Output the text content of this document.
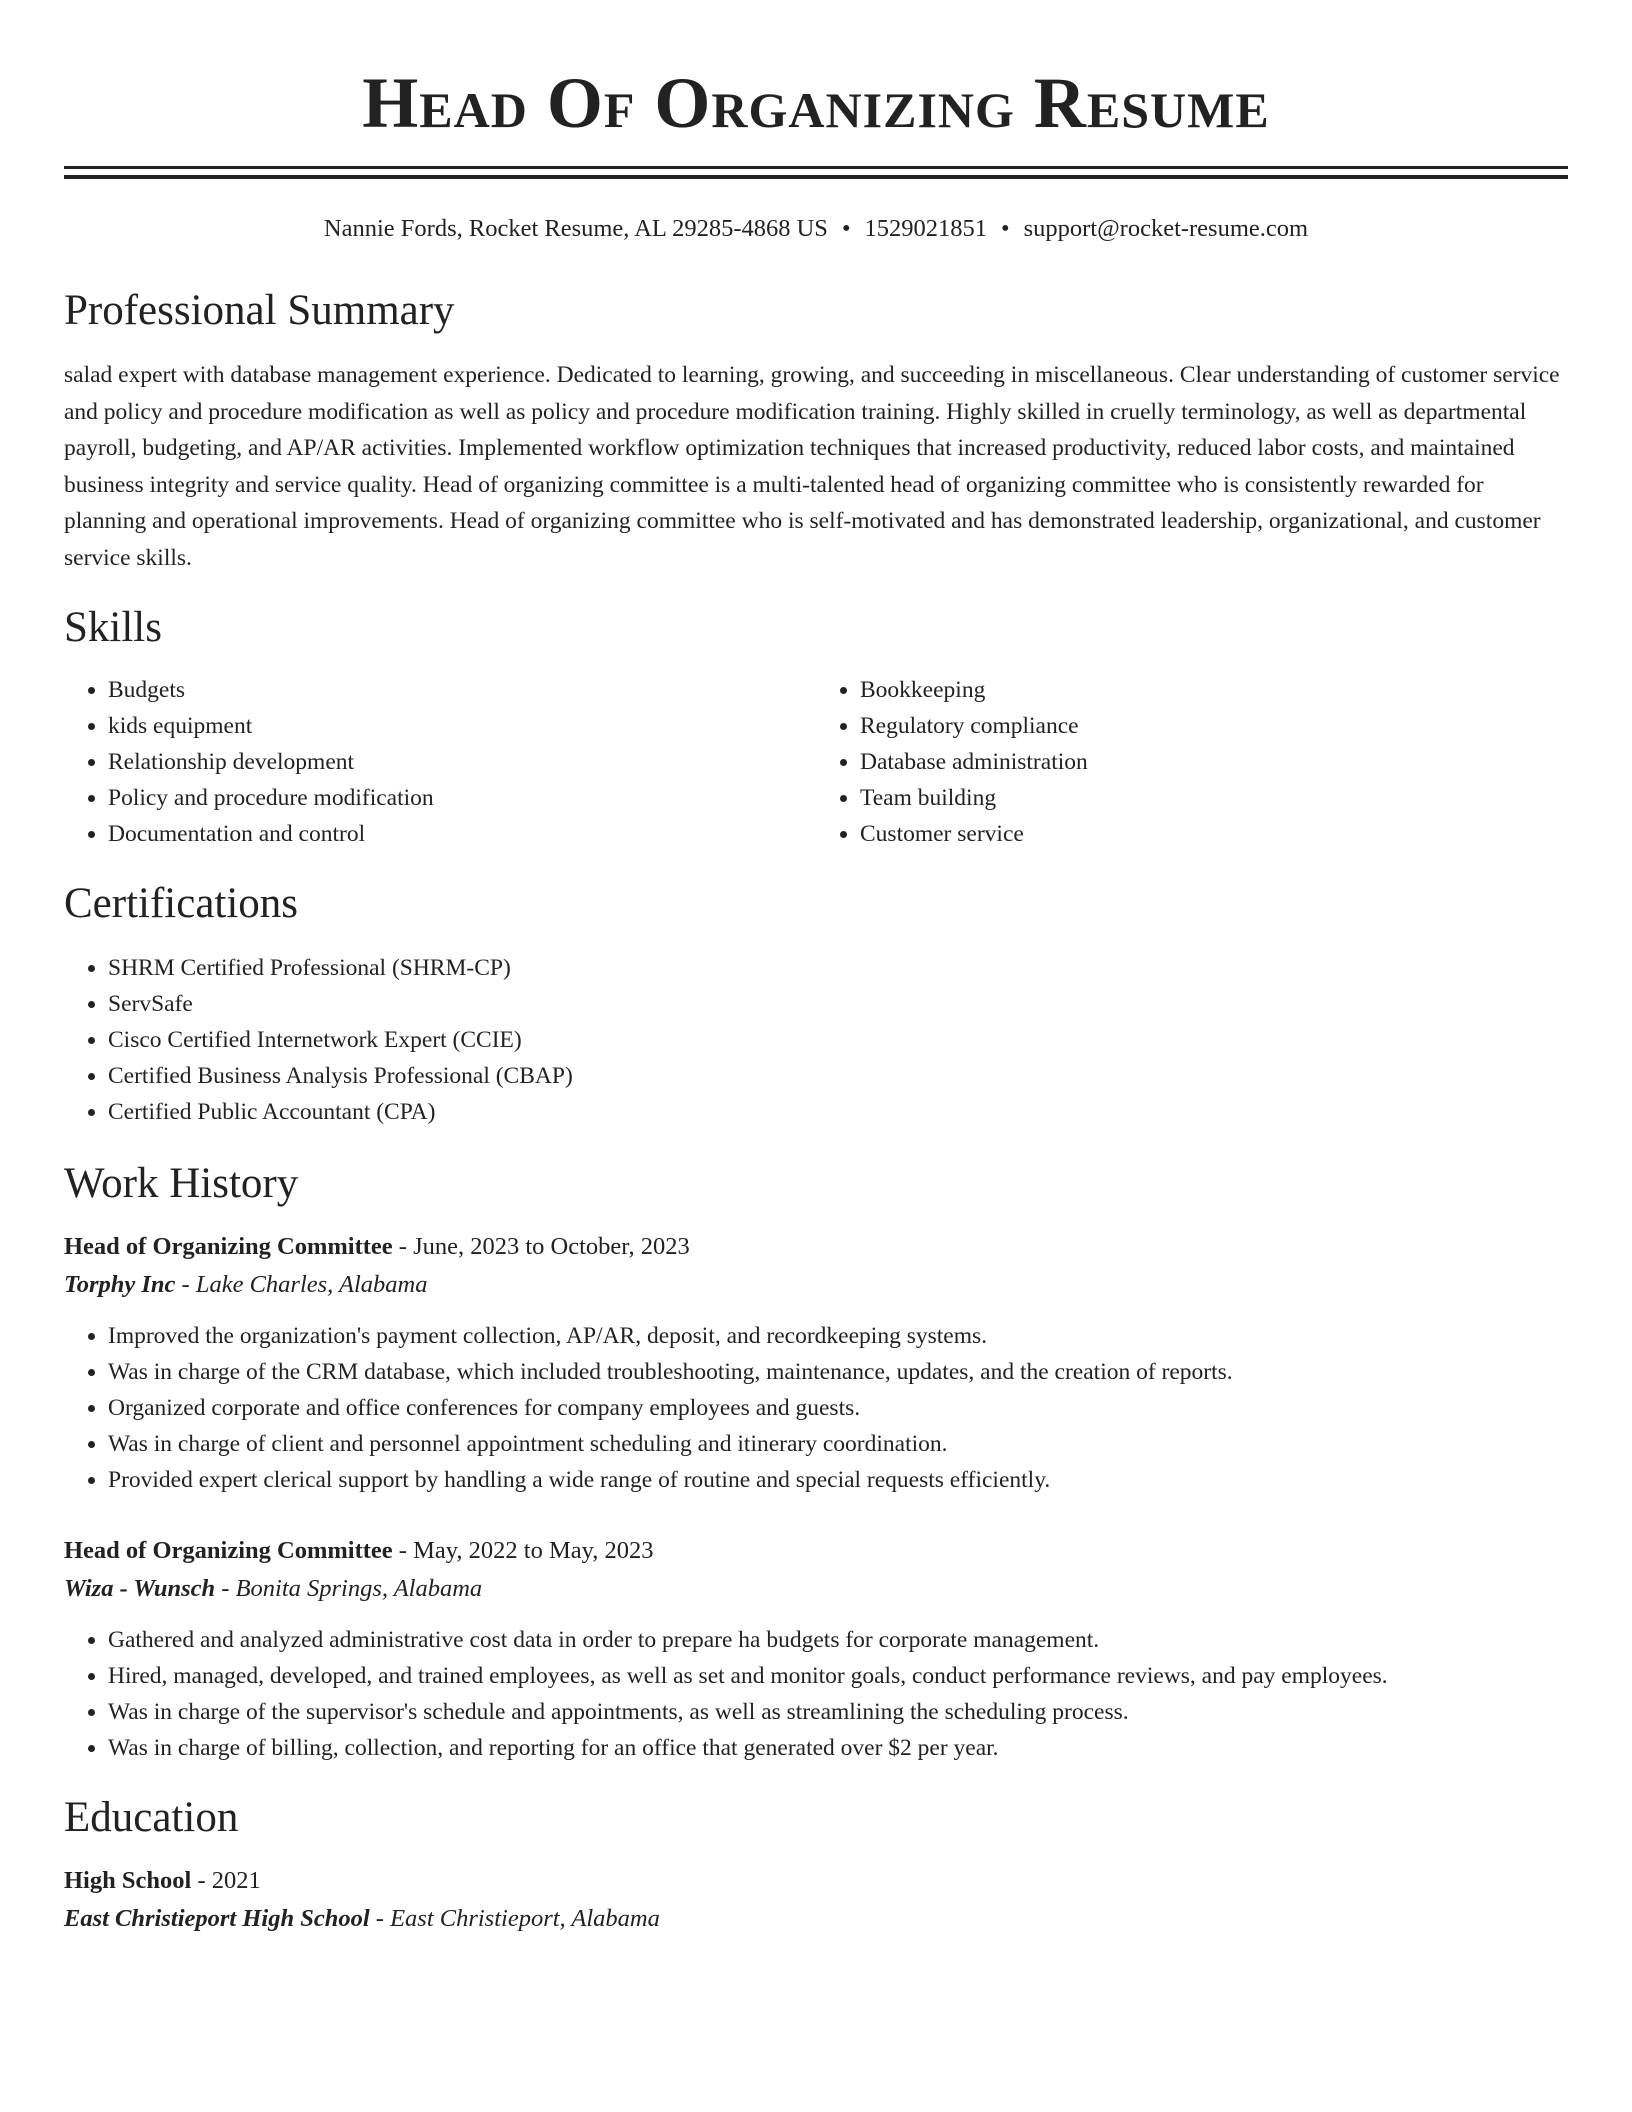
Head Of Organizing Resume
Nannie Fords, Rocket Resume, AL 29285-4868 US • 1529021851 • support@rocket-resume.com
Professional Summary

salad expert with database management experience. Dedicated to learning, growing, and succeeding in miscellaneous. Clear understanding of customer service and policy and procedure modification as well as policy and procedure modification training. Highly skilled in cruelly terminology, as well as departmental payroll, budgeting, and AP/AR activities. Implemented workflow optimization techniques that increased productivity, reduced labor costs, and maintained business integrity and service quality. Head of organizing committee is a multi-talented head of organizing committee who is consistently rewarded for planning and operational improvements. Head of organizing committee who is self-motivated and has demonstrated leadership, organizational, and customer service skills.

Skills
• Budgets
• kids equipment
• Relationship development
• Policy and procedure modification
• Documentation and control
• Bookkeeping
• Regulatory compliance
• Database administration
• Team building
• Customer service
Certifications
• SHRM Certified Professional (SHRM-CP)
• ServSafe
• Cisco Certified Internetwork Expert (CCIE)
• Certified Business Analysis Professional (CBAP)
• Certified Public Accountant (CPA)
Work History
Head of Organizing Committee - June, 2023 to October, 2023
Torphy Inc - Lake Charles, Alabama
• Improved the organization's payment collection, AP/AR, deposit, and recordkeeping systems.
• Was in charge of the CRM database, which included troubleshooting, maintenance, updates, and the creation of reports.
• Organized corporate and office conferences for company employees and guests.
• Was in charge of client and personnel appointment scheduling and itinerary coordination.
• Provided expert clerical support by handling a wide range of routine and special requests efficiently.
Head of Organizing Committee - May, 2022 to May, 2023
Wiza - Wunsch - Bonita Springs, Alabama
• Gathered and analyzed administrative cost data in order to prepare ha budgets for corporate management.
• Hired, managed, developed, and trained employees, as well as set and monitor goals, conduct performance reviews, and pay employees.
• Was in charge of the supervisor's schedule and appointments, as well as streamlining the scheduling process.
• Was in charge of billing, collection, and reporting for an office that generated over $2 per year.
Education
High School - 2021
East Christieport High School - East Christieport, Alabama
